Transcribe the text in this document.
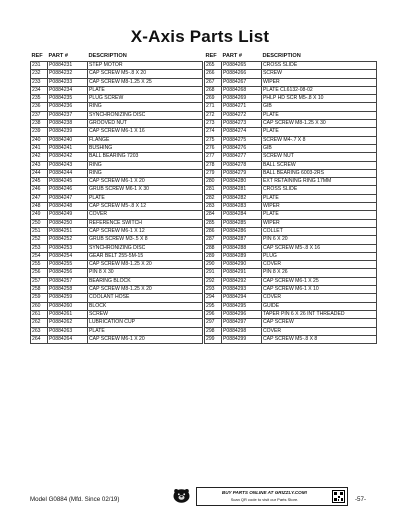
X-Axis Parts List
REF	PART #	DESCRIPTION
231	P0884231	STEP MOTOR
232	P0884232	CAP SCREW M5-.8 X 20
233	P0884233	CAP SCREW M8-1.25 X 25
234	P0884234	PLATE
235	P0884235	PLUG SCREW
236	P0884236	RING
237	P0884237	SYNCHRONIZING DISC
238	P0884238	GROOVED NUT
239	P0884239	CAP SCREW M6-1 X 16
240	P0884240	FLANGE
241	P0884241	BUSHING
242	P0884242	BALL BEARING 7203
243	P0884243	RING
244	P0884244	RING
245	P0884245	CAP SCREW M6-1 X 20
246	P0884246	GRUB SCREW M6-1 X 30
247	P0884247	PLATE
248	P0884248	CAP SCREW M5-.8 X 12
249	P0884249	COVER
250	P0884250	REFERENCE SWITCH
251	P0884251	CAP SCREW M6-1 X 12
252	P0884252	GRUB SCREW M3-.5 X 8
253	P0884253	SYNCHRONIZING DISC
254	P0884254	GEAR BELT 255-5M-15
255	P0884255	CAP SCREW M8-1.25 X 20
256	P0884256	PIN 8 X 30
257	P0884257	BEARING BLOCK
258	P0884258	CAP SCREW M8-1.25 X 20
259	P0884259	COOLANT HOSE
260	P0884260	BLOCK
261	P0884261	SCREW
262	P0884262	LUBRICATION CUP
263	P0884263	PLATE
264	P0884264	CAP SCREW M6-1 X 20
REF	PART #	DESCRIPTION
265	P0884265	CROSS SLIDE
266	P0884266	SCREW
267	P0884267	WIPER
268	P0884268	PLATE CL6132-08-02
269	P0884269	PHLP HD SCR M5-.8 X 10
271	P0884271	GIB
272	P0884272	PLATE
273	P0884273	CAP SCREW M8-1.25 X 30
274	P0884274	PLATE
275	P0884275	SCREW M4-.7 X 8
276	P0884276	GIB
277	P0884277	SCREW NUT
278	P0884278	BALL SCREW
279	P0884279	BALL BEARING 6003-2RS
280	P0884280	EXT RETAINING RING 17MM
281	P0884281	CROSS SLIDE
282	P0884282	PLATE
283	P0884283	WIPER
284	P0884284	PLATE
285	P0884285	WIPER
286	P0884286	COLLET
287	P0884287	PIN 6 X 20
288	P0884288	CAP SCREW M5-.8 X 16
289	P0884289	PLUG
290	P0884290	COVER
291	P0884291	PIN 8 X 26
292	P0884292	CAP SCREW M6-1 X 25
293	P0884293	CAP SCREW M6-1 X 10
294	P0884294	COVER
295	P0884295	GUIDE
296	P0884296	TAPER PIN 6 X 26 INT THREADED
297	P0884297	CAP SCREW
298	P0884298	COVER
299	P0884299	CAP SCREW M5-.8 X 8
Model G0884 (Mfd. Since 02/19)
BUY PARTS ONLINE AT GRIZZLY.COM!
Scan QR code to visit our Parts Store.	-57-
